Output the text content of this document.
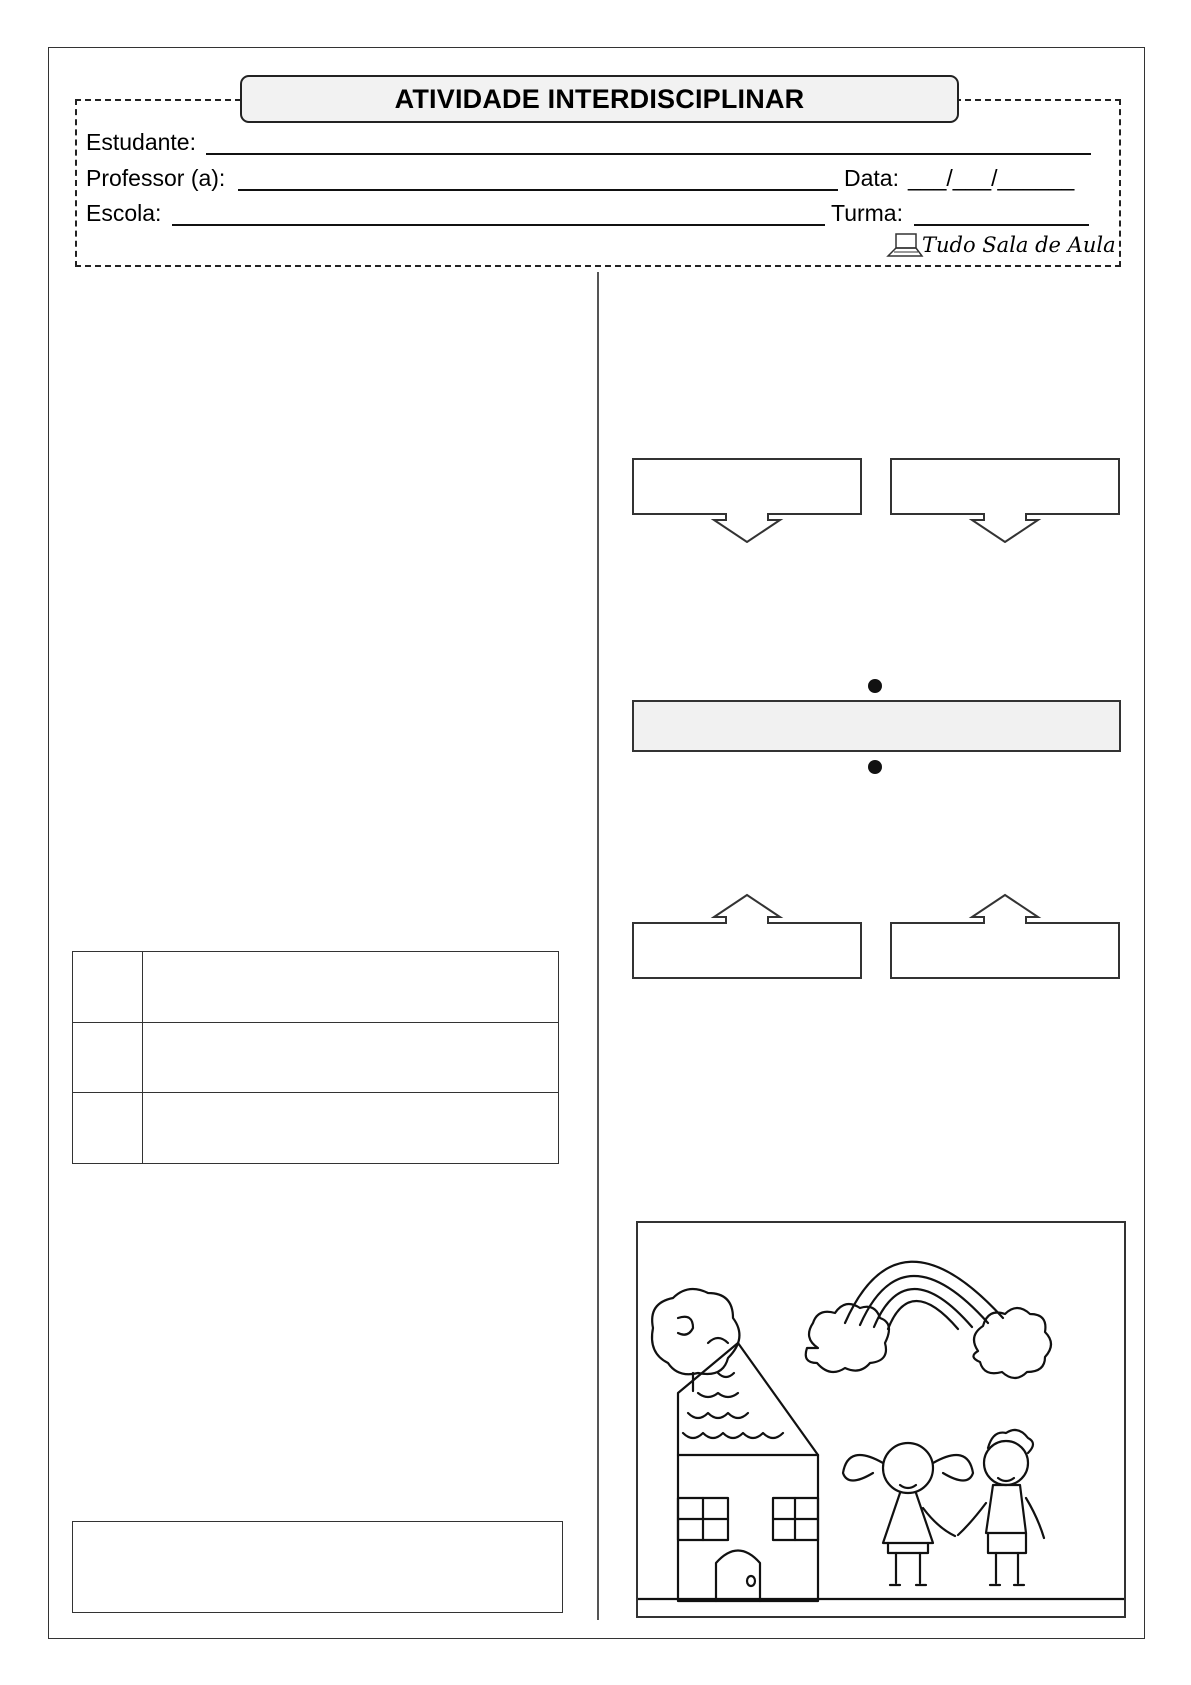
ATIVIDADE INTERDISCIPLINAR
Estudante:
Professor (a):	Data: ___/___/______
Escola:	Turma:
Tudo Sala de Aula
